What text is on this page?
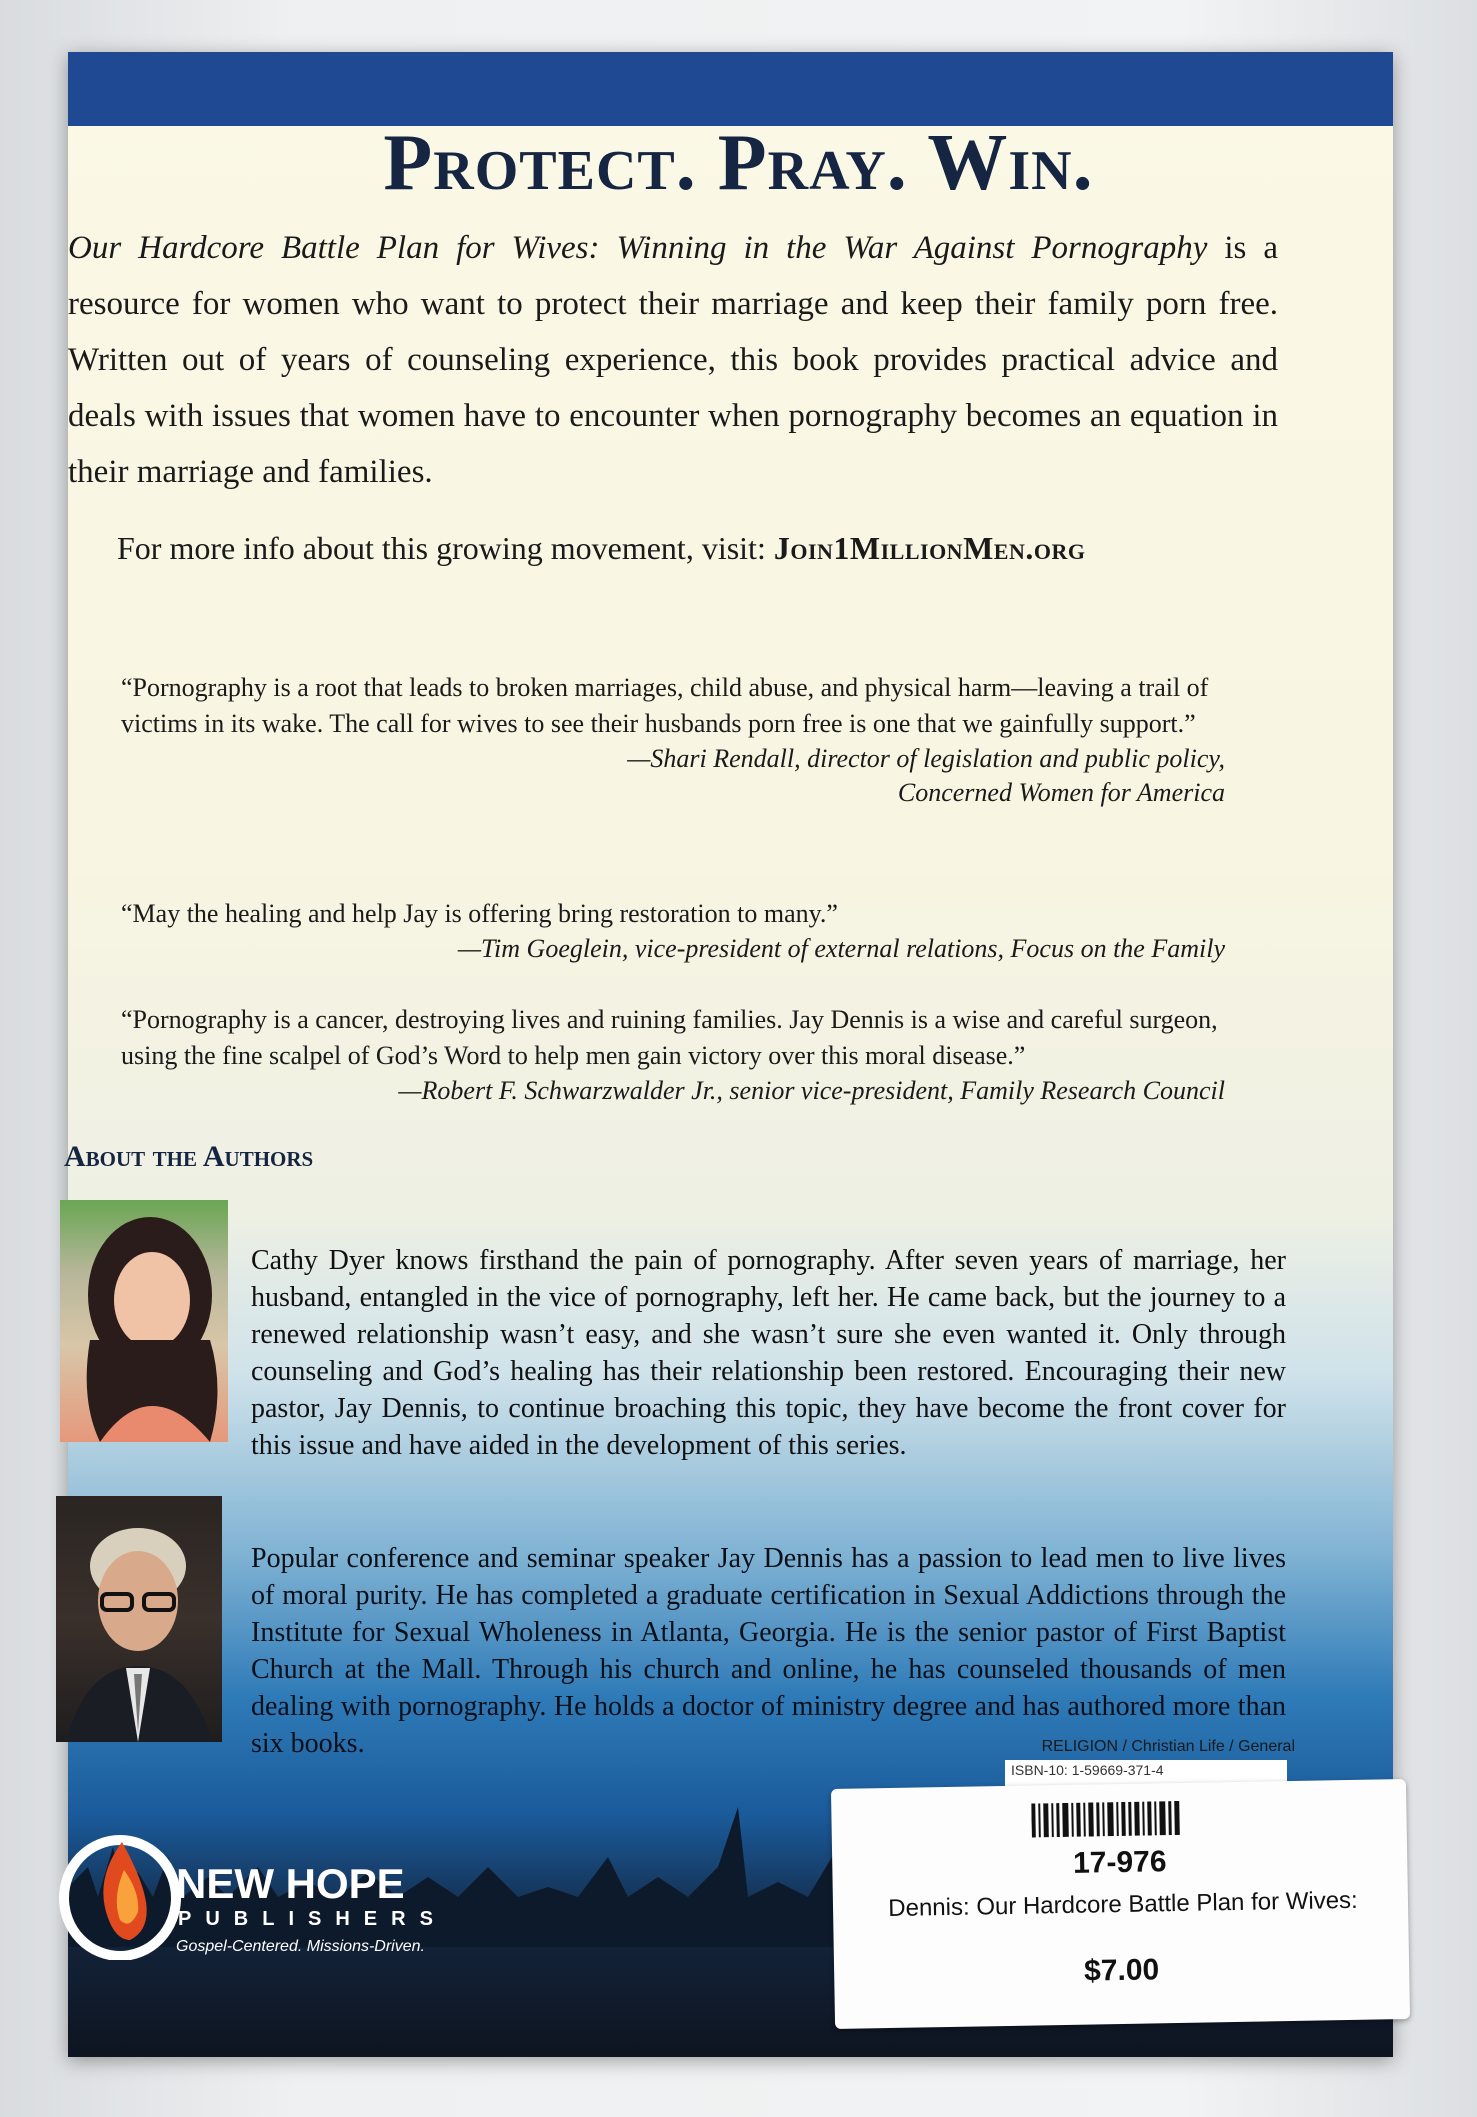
Protect. Pray. Win.
Our Hardcore Battle Plan for Wives: Winning in the War Against Pornography is a resource for women who want to protect their marriage and keep their family porn free. Written out of years of counseling experience, this book provides practical advice and deals with issues that women have to encounter when pornography becomes an equation in their marriage and families.
For more info about this growing movement, visit: Join1MillionMen.org
“Pornography is a root that leads to broken marriages, child abuse, and physical harm—leaving a trail of victims in its wake. The call for wives to see their husbands porn free is one that we gainfully support.”
—Shari Rendall, director of legislation and public policy,
Concerned Women for America
“May the healing and help Jay is offering bring restoration to many.”
—Tim Goeglein, vice-president of external relations, Focus on the Family
“Pornography is a cancer, destroying lives and ruining families. Jay Dennis is a wise and careful surgeon, using the fine scalpel of God’s Word to help men gain victory over this moral disease.”
—Robert F. Schwarzwalder Jr., senior vice-president, Family Research Council
About the Authors
Cathy Dyer knows firsthand the pain of pornography. After seven years of marriage, her husband, entangled in the vice of pornography, left her. He came back, but the journey to a renewed relationship wasn’t easy, and she wasn’t sure she even wanted it. Only through counseling and God’s healing has their relationship been restored. Encouraging their new pastor, Jay Dennis, to continue broaching this topic, they have become the front cover for this issue and have aided in the development of this series.
Popular conference and seminar speaker Jay Dennis has a passion to lead men to live lives of moral purity. He has completed a graduate certification in Sexual Addictions through the Institute for Sexual Wholeness in Atlanta, Georgia. He is the senior pastor of First Baptist Church at the Mall. Through his church and online, he has counseled thousands of men dealing with pornography. He holds a doctor of ministry degree and has authored more than six books.	RELIGION / Christian Life / General
ISBN-10: 1-59669-371-4
NEW HOPE
PUBLISHERS
Gospel-Centered. Missions-Driven.
17-976
Dennis: Our Hardcore Battle Plan for Wives:
$7.00
